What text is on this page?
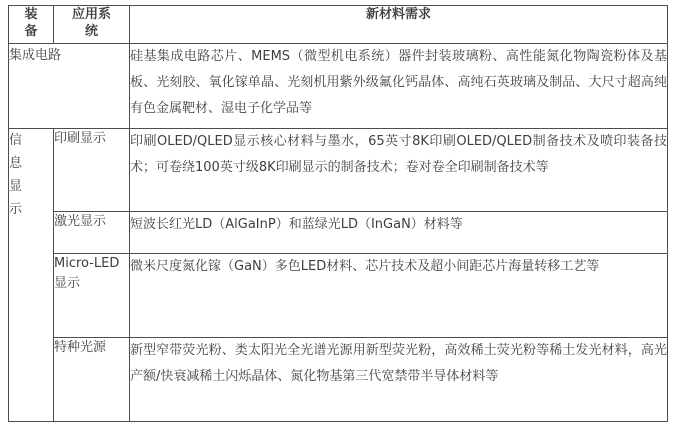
装备	应用系统	新材料需求
集成电路		硅基集成电路芯片、MEMS（微型机电系统）器件封装玻璃粉、高性能氮化物陶瓷粉体及基板、光刻胶、氧化镓单晶、光刻机用紫外级氟化钙晶体、高纯石英玻璃及制品、大尺寸超高纯有色金属靶材、湿电子化学品等

信息显示	印刷显示	印刷OLED/QLED显示核心材料与墨水，65英寸8K印刷OLED/QLED制备技术及喷印装备技术；可卷绕100英寸级8K印刷显示的制备技术；卷对卷全印刷制备技术等
	激光显示	短波长红光LD（AlGaInP）和蓝绿光LD（InGaN）材料等
	Micro-LED 显示	微米尺度氮化镓（GaN）多色LED材料、芯片技术及超小间距芯片海量转移工艺等
	特种光源	新型窄带荧光粉、类太阳光全光谱光源用新型荧光粉，高效稀土荧光粉等稀土发光材料，高光产额/快衰减稀土闪烁晶体、氮化物基第三代宽禁带半导体材料等
